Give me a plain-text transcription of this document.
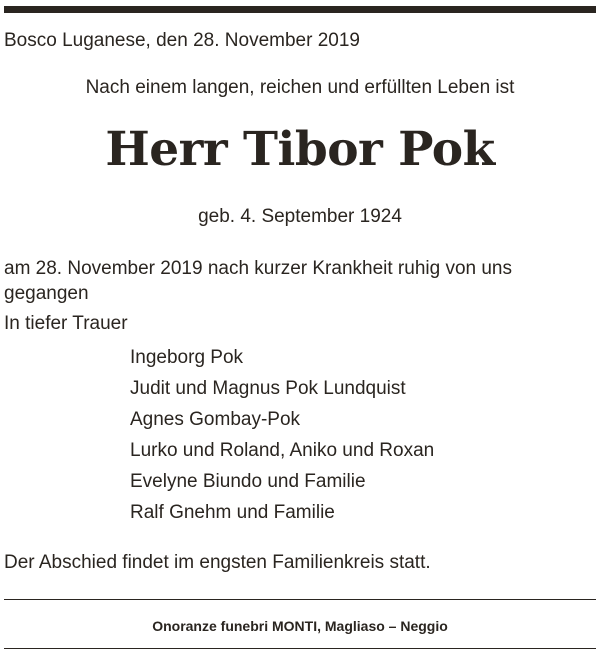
Bosco Luganese, den 28. November 2019
Nach einem langen, reichen und erfüllten Leben ist
Herr Tibor Pok
geb. 4. September 1924
am 28. November 2019 nach kurzer Krankheit ruhig von uns gegangen
In tiefer Trauer
Ingeborg Pok
Judit und Magnus Pok Lundquist
Agnes Gombay-Pok
Lurko und Roland, Aniko und Roxan
Evelyne Biundo und Familie
Ralf Gnehm und Familie
Der Abschied findet im engsten Familienkreis statt.
Onoranze funebri MONTI, Magliaso – Neggio
